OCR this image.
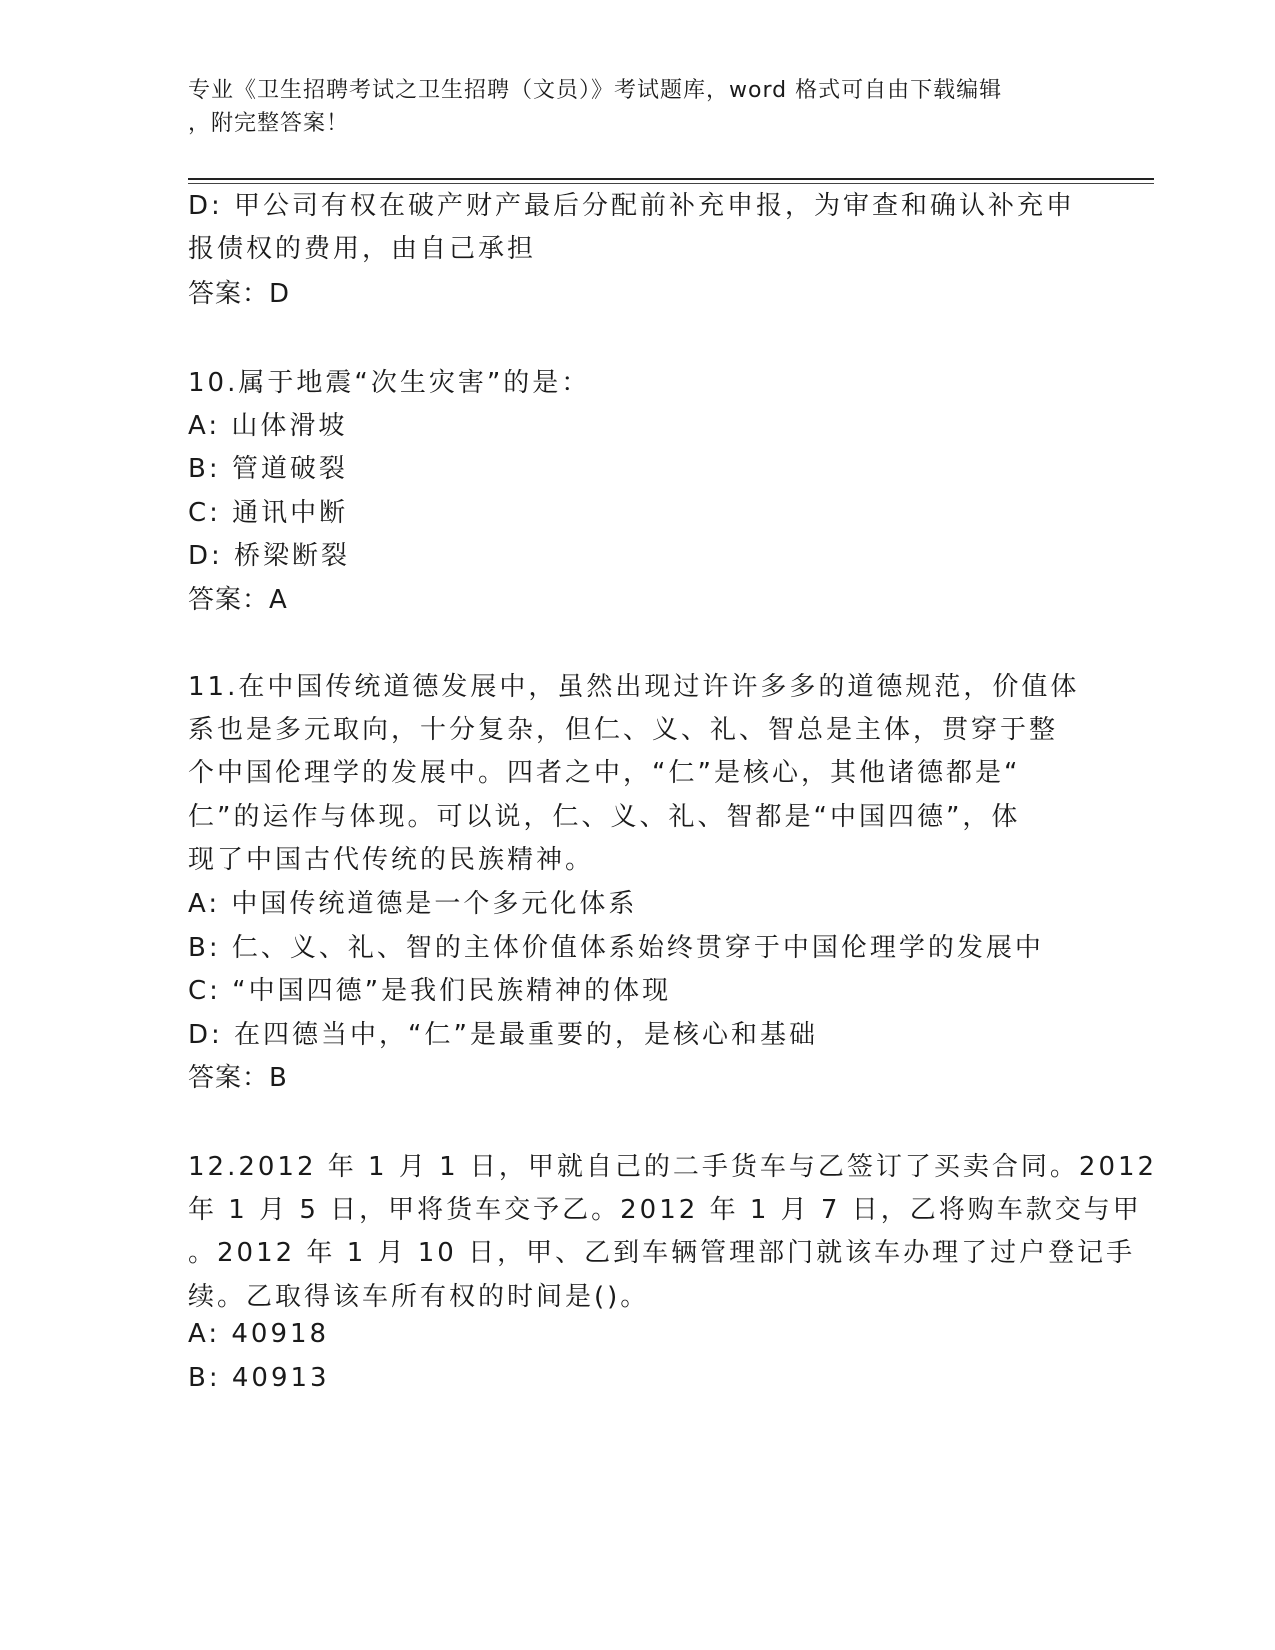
专业《卫生招聘考试之卫生招聘（文员）》考试题库，word 格式可自由下载编辑
，附完整答案！
D: 甲公司有权在破产财产最后分配前补充申报，为审查和确认补充申
报债权的费用，由自己承担
答案：D
10.属于地震“次生灾害”的是：
A: 山体滑坡
B: 管道破裂
C: 通讯中断
D: 桥梁断裂
答案：A
11.在中国传统道德发展中，虽然出现过许许多多的道德规范，价值体
系也是多元取向，十分复杂，但仁、义、礼、智总是主体，贯穿于整
个中国伦理学的发展中。四者之中，“仁”是核心，其他诸德都是“
仁”的运作与体现。可以说，仁、义、礼、智都是“中国四德”，体
现了中国古代传统的民族精神。
A: 中国传统道德是一个多元化体系
B: 仁、义、礼、智的主体价值体系始终贯穿于中国伦理学的发展中
C: “中国四德”是我们民族精神的体现
D: 在四德当中，“仁”是最重要的，是核心和基础
答案：B
12.2012 年 1 月 1 日，甲就自己的二手货车与乙签订了买卖合同。2012
年 1 月 5 日，甲将货车交予乙。2012 年 1 月 7 日，乙将购车款交与甲
。2012 年 1 月 10 日，甲、乙到车辆管理部门就该车办理了过户登记手
续。乙取得该车所有权的时间是()。
A: 40918
B: 40913
